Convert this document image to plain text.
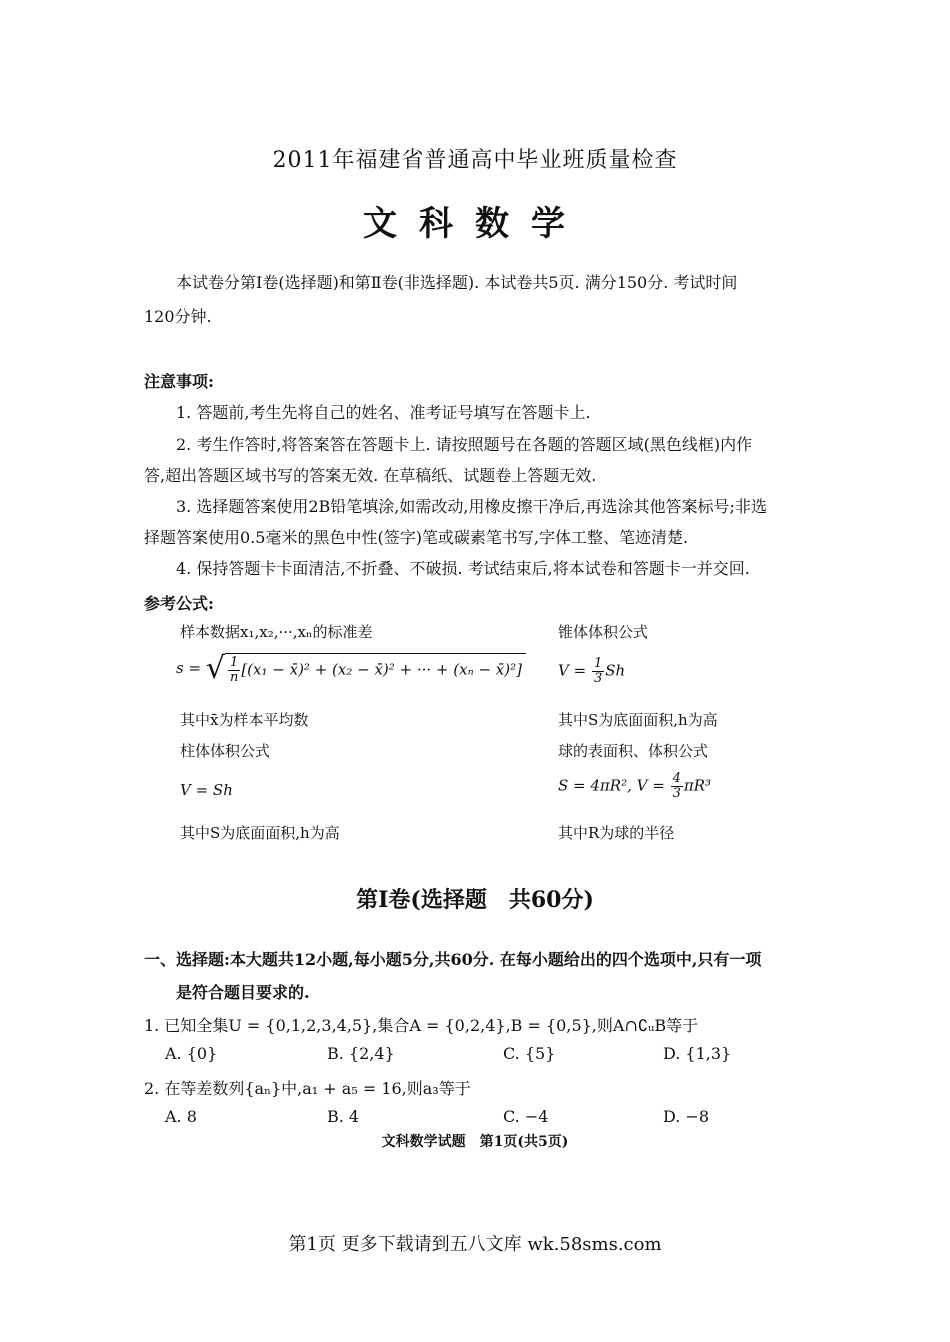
2011年福建省普通高中毕业班质量检查
文科数学
本试卷分第Ⅰ卷(选择题)和第Ⅱ卷(非选择题). 本试卷共5页. 满分150分. 考试时间
120分钟.
注意事项:
1. 答题前,考生先将自己的姓名、准考证号填写在答题卡上.
2. 考生作答时,将答案答在答题卡上. 请按照题号在各题的答题区域(黑色线框)内作
答,超出答题区域书写的答案无效. 在草稿纸、试题卷上答题无效.
3. 选择题答案使用2B铅笔填涂,如需改动,用橡皮擦干净后,再选涂其他答案标号;非选
择题答案使用0.5毫米的黑色中性(签字)笔或碳素笔书写,字体工整、笔迹清楚.
4. 保持答题卡卡面清洁,不折叠、不破损. 考试结束后,将本试卷和答题卡一并交回.
参考公式:
样本数据x₁,x₂,···,xₙ的标准差
s = √ $\frac{1}{n} [(x_1$ − x̄)² + (x₂ − x̄)² + ··· + (xₙ − x̄)²]
其中x̄为样本平均数
柱体体积公式
V = Sh
其中S为底面面积,h为高
锥体体积公式
$V = \frac{1}{3}$ Sh
其中S为底面面积,h为高
球的表面积、体积公式
S = 4πR², $V = \frac{4}{3} \pi R^3$
其中R为球的半径
第Ⅰ卷(选择题　共60分)
一、选择题:本大题共12小题,每小题5分,共60分. 在每小题给出的四个选项中,只有一项
是符合题目要求的.
1. 已知全集U = {0,1,2,3,4,5},集合A = {0,2,4},B = {0,5},则A∩∁ᵤB等于
A. {0}	B. {2,4}	C. {5}	D. {1,3}
2. 在等差数列{aₙ}中,a₁ + a₅ = 16,则a₃等于
A. 8	B. 4	C. −4	D. −8
文科数学试题　第1页(共5页)
第1页 更多下载请到五八文库 wk.58sms.com
